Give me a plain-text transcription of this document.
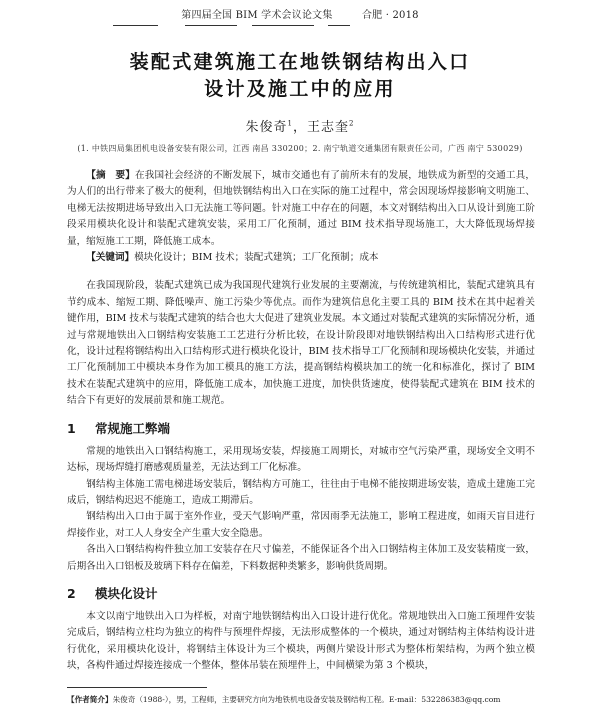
第四届全国 BIM 学术会议论文集	合肥 · 2018
装配式建筑施工在地铁钢结构出入口
设计及施工中的应用
朱俊奇$^1$，王志奎$^2$
(1. 中铁四局集团机电设备安装有限公司，江西 南昌 330200；2. 南宁轨道交通集团有限责任公司，广西 南宁 530029)
【摘　要】在我国社会经济的不断发展下，城市交通也有了前所未有的发展，地铁成为新型的交通工具，为人们的出行带来了极大的便利，但地铁钢结构出入口在实际的施工过程中，常会因现场焊接影响文明施工、电梯无法按期进场导致出入口无法施工等问题。针对施工中存在的问题，本文对钢结构出入口从设计到施工阶段采用模块化设计和装配式建筑安装，采用工厂化预制，通过 BIM 技术指导现场施工，大大降低现场焊接量，缩短施工工期，降低施工成本。
【关键词】模块化设计；BIM 技术；装配式建筑；工厂化预制；成本

在我国现阶段，装配式建筑已成为我国现代建筑行业发展的主要潮流，与传统建筑相比，装配式建筑具有节约成本、缩短工期、降低噪声、施工污染少等优点。而作为建筑信息化主要工具的 BIM 技术在其中起着关键作用，BIM 技术与装配式建筑的结合也大大促进了建筑业发展。本文通过对装配式建筑的实际情况分析，通过与常规地铁出入口钢结构安装施工工艺进行分析比较，在设计阶段即对地铁钢结构出入口结构形式进行优化，设计过程将钢结构出入口结构形式进行模块化设计，BIM 技术指导工厂化预制和现场模块化安装，并通过工厂化预制加工中模块本身作为加工模具的施工方法，提高钢结构模块加工的统一化和标准化，探讨了 BIM 技术在装配式建筑中的应用，降低施工成本，加快施工进度，加快供货速度，使得装配式建筑在 BIM 技术的结合下有更好的发展前景和施工规范。

1 常规施工弊端

常规的地铁出入口钢结构施工，采用现场安装，焊接施工周期长，对城市空气污染严重，现场安全文明不达标，现场焊缝打磨感观质量差，无法达到工厂化标准。

钢结构主体施工需电梯进场安装后，钢结构方可施工，往往由于电梯不能按期进场安装，造成土建施工完成后，钢结构迟迟不能施工，造成工期滞后。

钢结构出入口由于属于室外作业，受天气影响严重，常因雨季无法施工，影响工程进度，如雨天盲目进行焊接作业，对工人人身安全产生重大安全隐患。

各出入口钢结构构件独立加工安装存在尺寸偏差，不能保证各个出入口钢结构主体加工及安装精度一致，后期各出入口铝板及玻璃下料存在偏差，下料数据种类繁多，影响供货周期。

2 模块化设计

本文以南宁地铁出入口为样板，对南宁地铁钢结构出入口设计进行优化。常规地铁出入口施工预埋件安装完成后，钢结构立柱均为独立的构件与预埋件焊接，无法形成整体的一个模块，通过对钢结构主体结构设计进行优化，采用模块化设计，将钢结主体设计为三个模块，两侧片梁设计形式为整体桁架结构，为两个独立模块，各构件通过焊接连接成一个整体，整体吊装在预埋件上，中间横梁为第 3 个模块，

【作者简介】朱俊奇（1988-），男，工程师，主要研究方向为地铁机电设备安装及钢结构工程。E-mail：532286383@qq.com
